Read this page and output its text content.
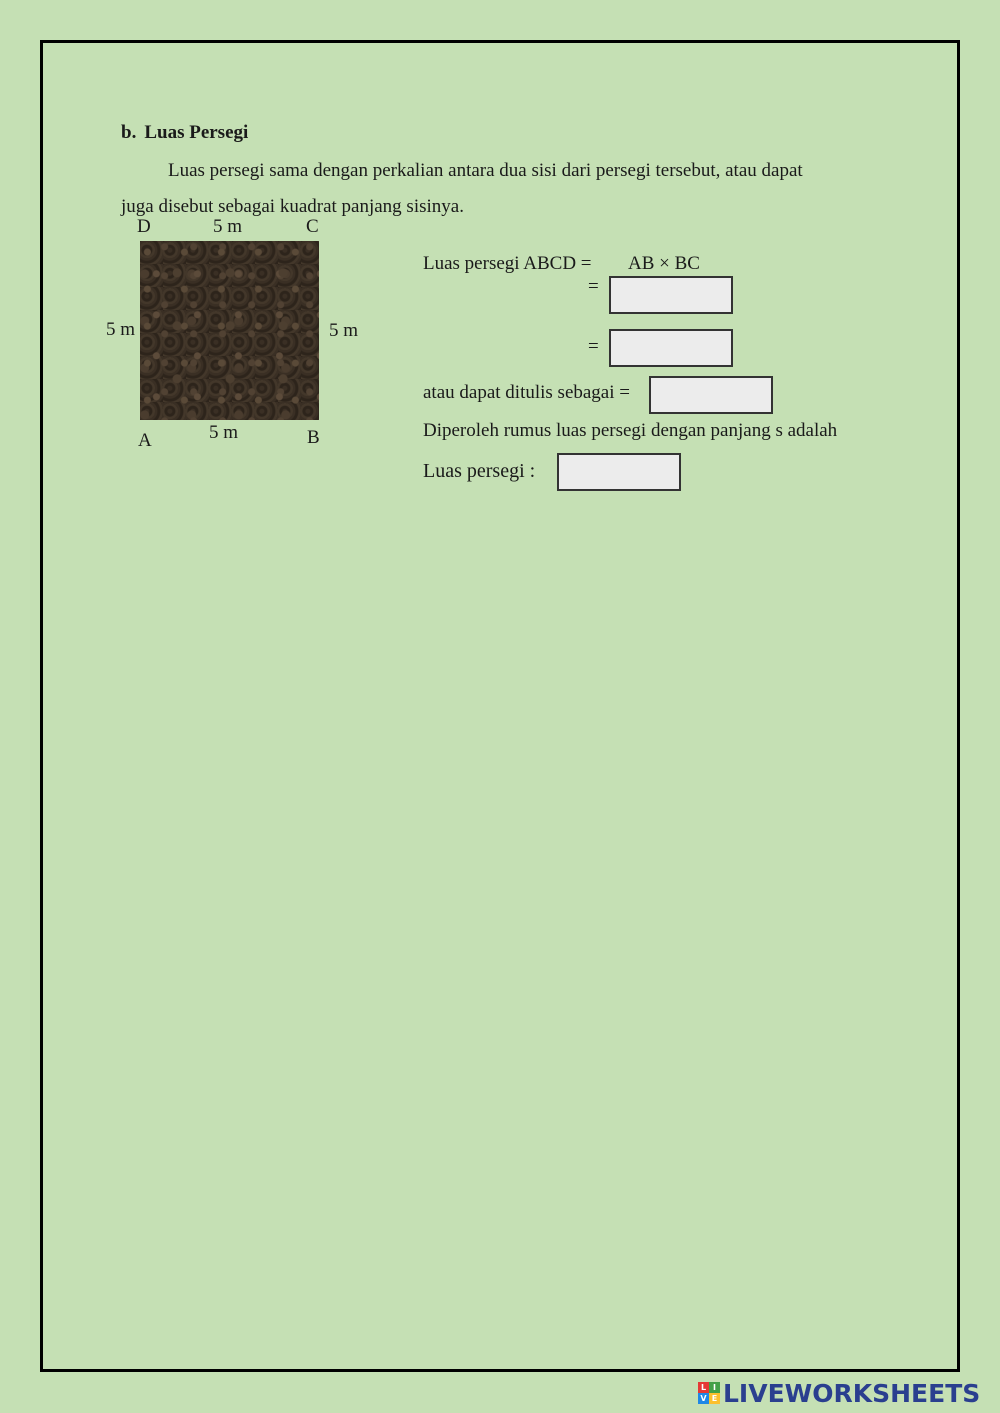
b. Luas Persegi
Luas persegi sama dengan perkalian antara dua sisi dari persegi tersebut, atau dapat
juga disebut sebagai kuadrat panjang sisinya.
D	5 m	C
5 m	5 m
A	5 m	B
Luas persegi ABCD = AB × BC
=
=
atau dapat ditulis sebagai =
Diperoleh rumus luas persegi dengan panjang s adalah
Luas persegi :
L I
V E LIVEWORKSHEETS
